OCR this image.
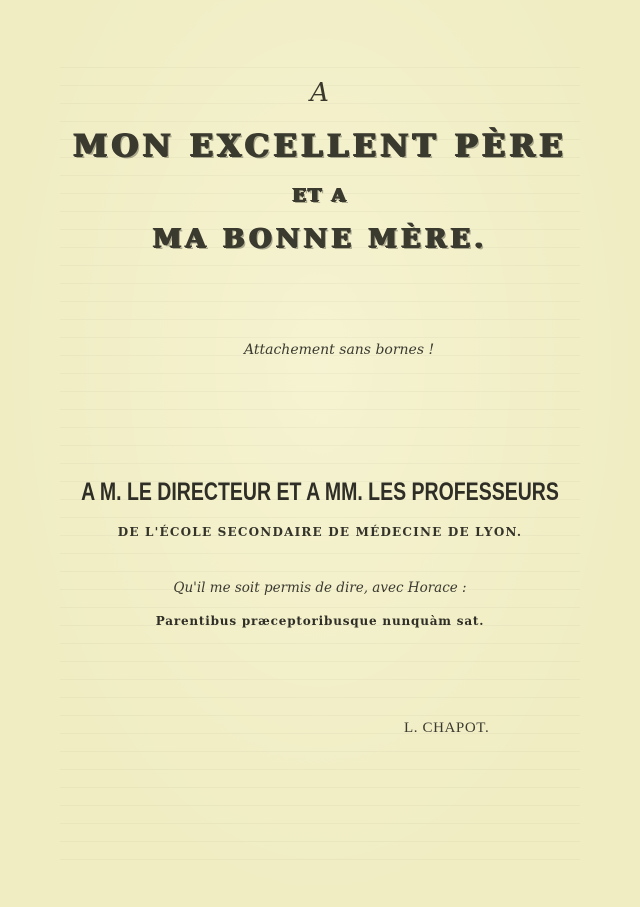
A
MON EXCELLENT PÈRE
ET A
MA BONNE MÈRE.
Attachement sans bornes !
A M. LE DIRECTEUR ET A MM. LES PROFESSEURS
DE L'ÉCOLE SECONDAIRE DE MÉDECINE DE LYON.
Qu'il me soit permis de dire, avec Horace :
Parentibus præceptoribusque nunquàm sat.
L. CHAPOT.
